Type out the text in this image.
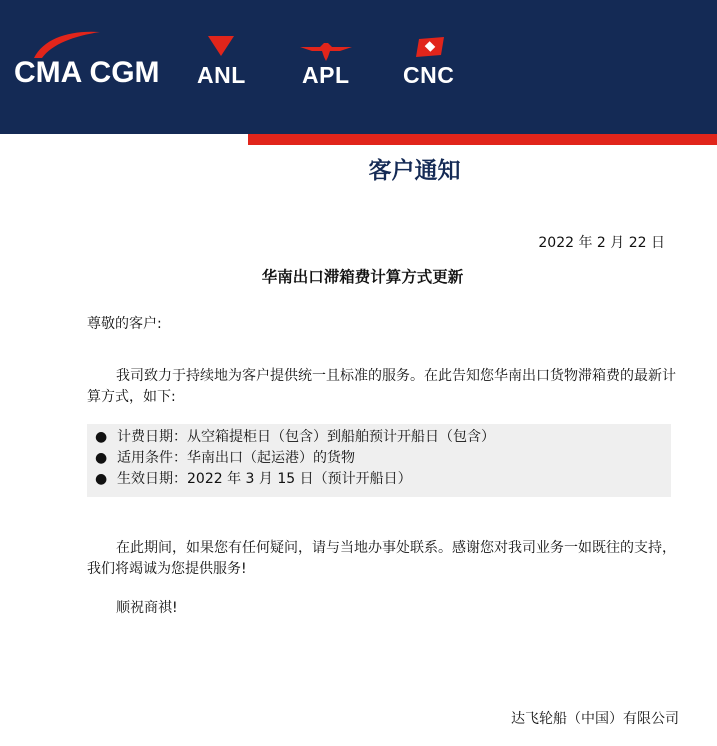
CMA CGM ANL APL CNC
客户通知
2022 年 2 月 22 日
华南出口滞箱费计算方式更新
尊敬的客户:

我司致力于持续地为客户提供统一且标准的服务。在此告知您华南出口货物滞箱费的最新计算方式，如下:

● 计费日期：从空箱提柜日（包含）到船舶预计开船日（包含）
● 适用条件：华南出口（起运港）的货物
● 生效日期：2022 年 3 月 15 日（预计开船日）

在此期间，如果您有任何疑问，请与当地办事处联系。感谢您对我司业务一如既往的支持，我们将竭诚为您提供服务!

顺祝商祺!
达飞轮船（中国）有限公司
